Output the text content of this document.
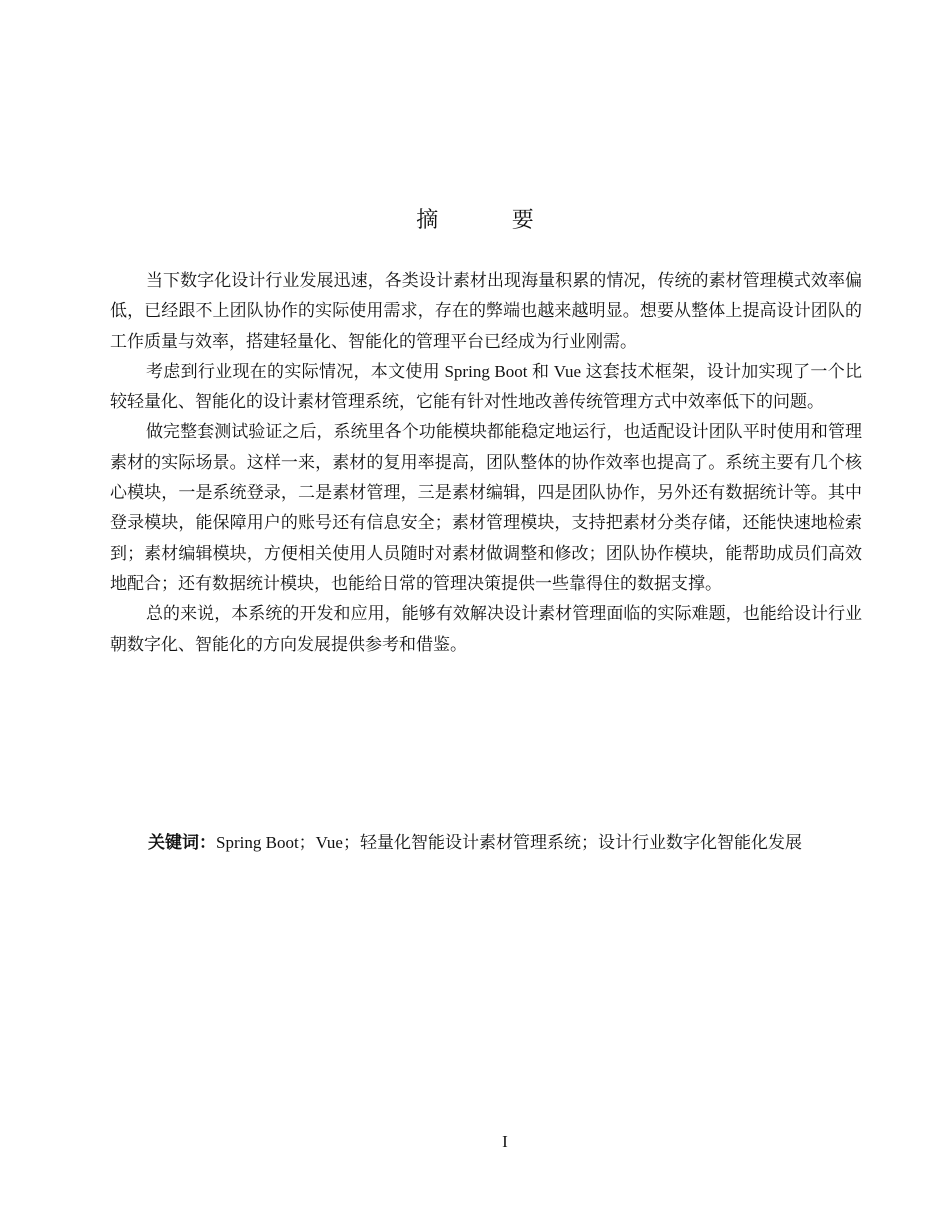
摘 要

当下数字化设计行业发展迅速，各类设计素材出现海量积累的情况，传统的素材管理模式效率偏低，已经跟不上团队协作的实际使用需求，存在的弊端也越来越明显。想要从整体上提高设计团队的工作质量与效率，搭建轻量化、智能化的管理平台已经成为行业刚需。

考虑到行业现在的实际情况，本文使用 Spring Boot 和 Vue 这套技术框架，设计加实现了一个比较轻量化、智能化的设计素材管理系统，它能有针对性地改善传统管理方式中效率低下的问题。

做完整套测试验证之后，系统里各个功能模块都能稳定地运行，也适配设计团队平时使用和管理素材的实际场景。这样一来，素材的复用率提高，团队整体的协作效率也提高了。系统主要有几个核心模块，一是系统登录，二是素材管理，三是素材编辑，四是团队协作，另外还有数据统计等。其中登录模块，能保障用户的账号还有信息安全；素材管理模块，支持把素材分类存储，还能快速地检索到；素材编辑模块，方便相关使用人员随时对素材做调整和修改；团队协作模块，能帮助成员们高效地配合；还有数据统计模块，也能给日常的管理决策提供一些靠得住的数据支撑。

总的来说，本系统的开发和应用，能够有效解决设计素材管理面临的实际难题，也能给设计行业朝数字化、智能化的方向发展提供参考和借鉴。

关键词：Spring Boot；Vue；轻量化智能设计素材管理系统；设计行业数字化智能化发展

I
